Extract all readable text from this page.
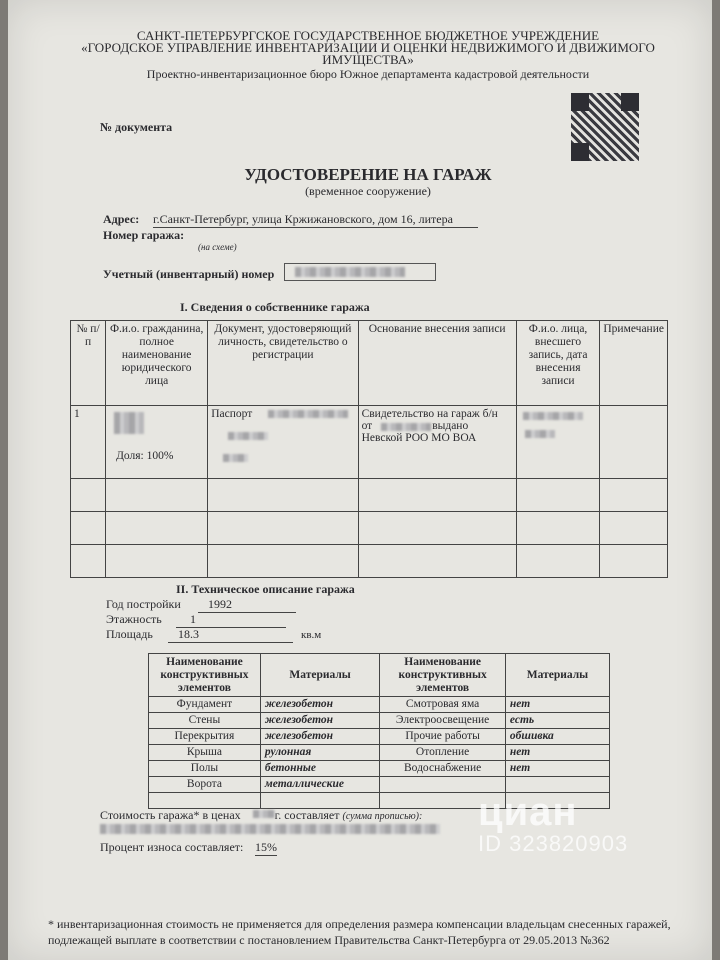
САНКТ-ПЕТЕРБУРГСКОЕ ГОСУДАРСТВЕННОЕ БЮДЖЕТНОЕ УЧРЕЖДЕНИЕ
«ГОРОДСКОЕ УПРАВЛЕНИЕ ИНВЕНТАРИЗАЦИИ И ОЦЕНКИ НЕДВИЖИМОГО И ДВИЖИМОГО
ИМУЩЕСТВА»
Проектно-инвентаризационное бюро Южное департамента кадастровой деятельности
№ документа
УДОСТОВЕРЕНИЕ НА ГАРАЖ
(временное сооружение)
Адрес: г.Санкт-Петербург, улица Кржижановского, дом 16, литера
Номер гаража:
(на схеме)
Учетный (инвентарный) номер
I. Сведения о собственнике гаража
№ п/п	Ф.и.о. гражданина, полное наименование юридического лица	Документ, удостоверяющий личность, свидетельство о регистрации	Основание внесения записи	Ф.и.о. лица, внесшего запись, дата внесения записи	Примечание
1	Доля: 100%	Паспорт	Свидетельство на гараж б/н
от выдано
Невской РОО МО ВОА		

II. Техническое описание гаража
Год постройки	1992
Этажность	1
Площадь	18.3	кв.м
Наименование конструктивных элементов	Материалы	Наименование конструктивных элементов	Материалы
Фундамент	железобетон	Смотровая яма	нет
Стены	железобетон	Электроосвещение	есть
Перекрытия	железобетон	Прочие работы	обшивка
Крыша	рулонная	Отопление	нет
Полы	бетонные	Водоснабжение	нет
Ворота	металлические		

Стоимость гаража* в ценах	г. составляет (сумма прописью):
Процент износа составляет: 15%
циан
ID 323820903
* инвентаризационная стоимость не применяется для определения размера компенсации владельцам снесенных гаражей, подлежащей выплате в соответствии с постановлением Правительства Санкт-Петербурга от 29.05.2013 №362
